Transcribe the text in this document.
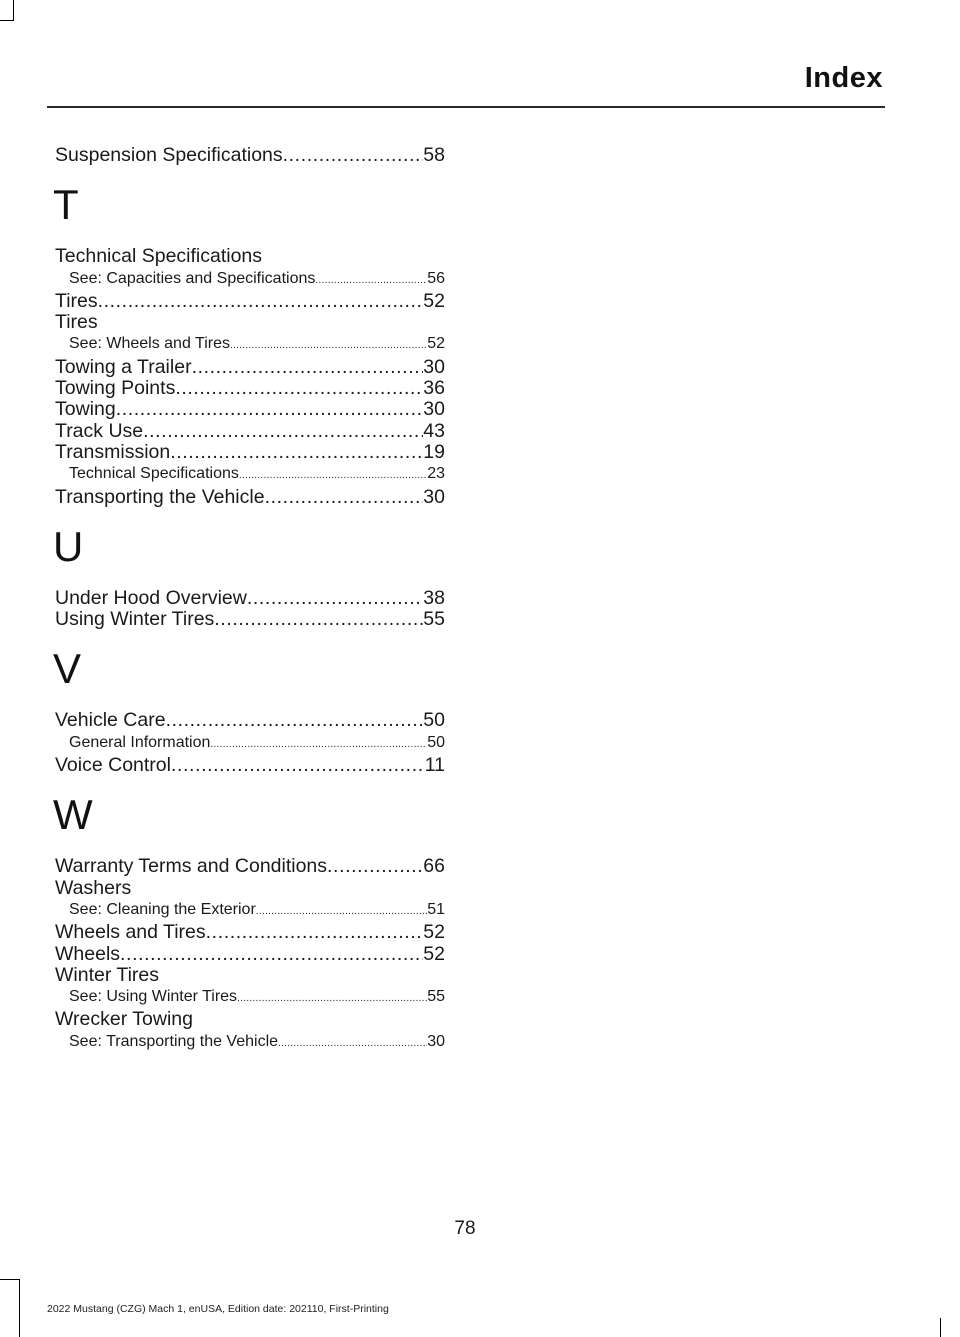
Index
Suspension Specifications .....	58
T
Technical Specifications
See: Capacities and Specifications .....	56
Tires .....	52
Tires
See: Wheels and Tires .....	52
Towing a Trailer .....	30
Towing Points .....	36
Towing .....	30
Track Use .....	43
Transmission .....	19
Technical Specifications .....	23
Transporting the Vehicle .....	30
U
Under Hood Overview .....	38
Using Winter Tires .....	55
V
Vehicle Care .....	50
General Information .....	50
Voice Control .....	11
W
Warranty Terms and Conditions .....	66
Washers
See: Cleaning the Exterior .....	51
Wheels and Tires .....	52
Wheels .....	52
Winter Tires
See: Using Winter Tires .....	55
Wrecker Towing
See: Transporting the Vehicle .....	30
78
2022 Mustang (CZG) Mach 1, enUSA, Edition date: 202110, First-Printing
